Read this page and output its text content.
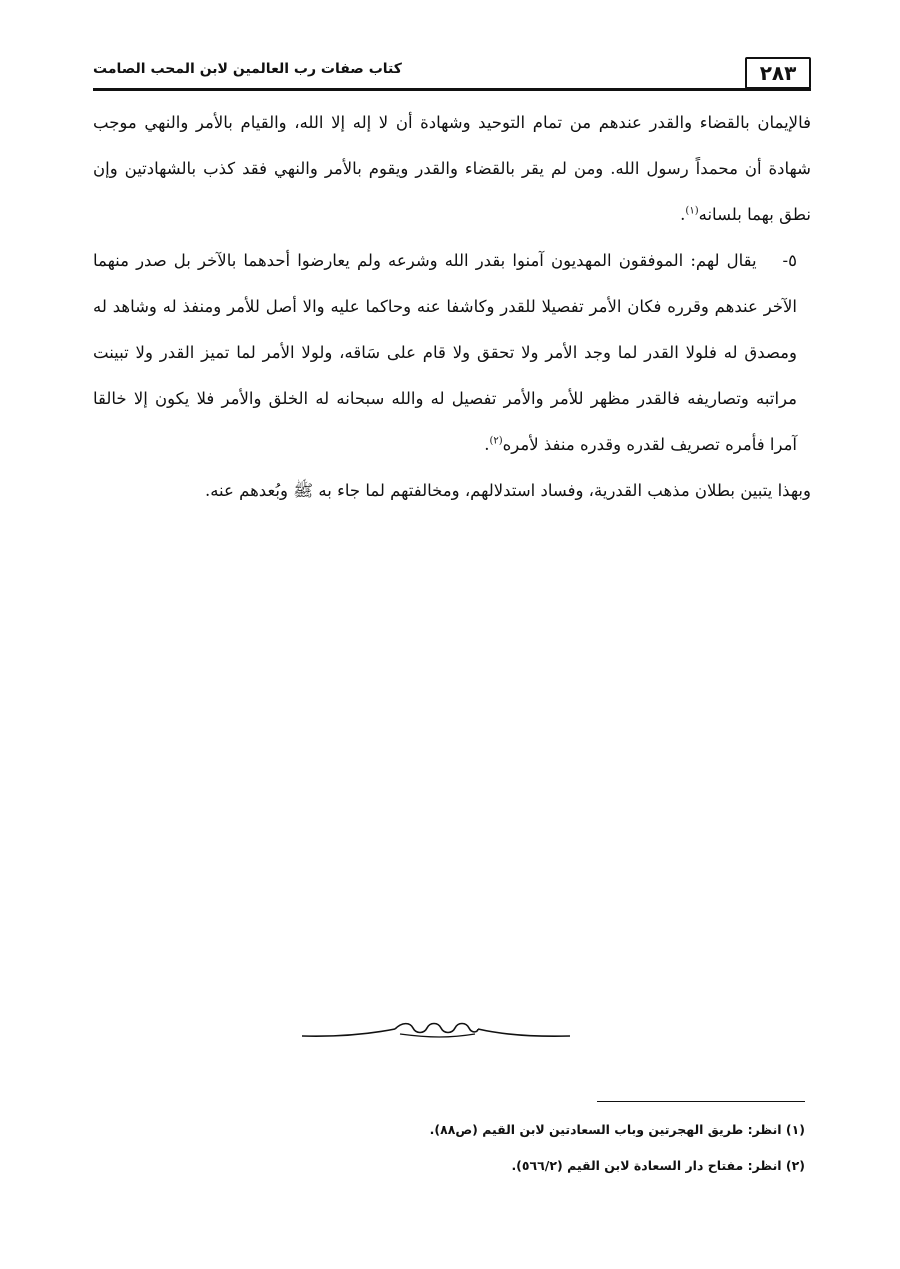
٢٨٣
كتاب صفات رب العالمين لابن المحب الصامت

فالإيمان بالقضاء والقدر عندهم من تمام التوحيد وشهادة أن لا إله إلا الله، والقيام بالأمر والنهي موجب شهادة أن محمداً رسول الله. ومن لم يقر بالقضاء والقدر ويقوم بالأمر والنهي فقد كذب بالشهادتين وإن نطق بهما بلسانه$^{(١)}$.

٥-يقال لهم: الموفقون المهديون آمنوا بقدر الله وشرعه ولم يعارضوا أحدهما بالآخر بل صدر منهما الآخر عندهم وقرره فكان الأمر تفصيلا للقدر وكاشفا عنه وحاكما عليه والا أصل للأمر ومنفذ له وشاهد له ومصدق له فلولا القدر لما وجد الأمر ولا تحقق ولا قام على سَاقه، ولولا الأمر لما تميز القدر ولا تبينت مراتبه وتصاريفه فالقدر مظهر للأمر والأمر تفصيل له والله سبحانه له الخلق والأمر فلا يكون إلا خالقا آمرا فأمره تصريف لقدره وقدره منفذ لأمره$^{(٢)}$.

وبهذا يتبين بطلان مذهب القدرية، وفساد استدلالهم، ومخالفتهم لما جاء به ﷺ وبُعدهم عنه.

(١) انظر: طريق الهجرتين وباب السعادتين لابن القيم (ص٨٨).

(٢) انظر: مفتاح دار السعادة لابن القيم (٥٦٦/٢).
